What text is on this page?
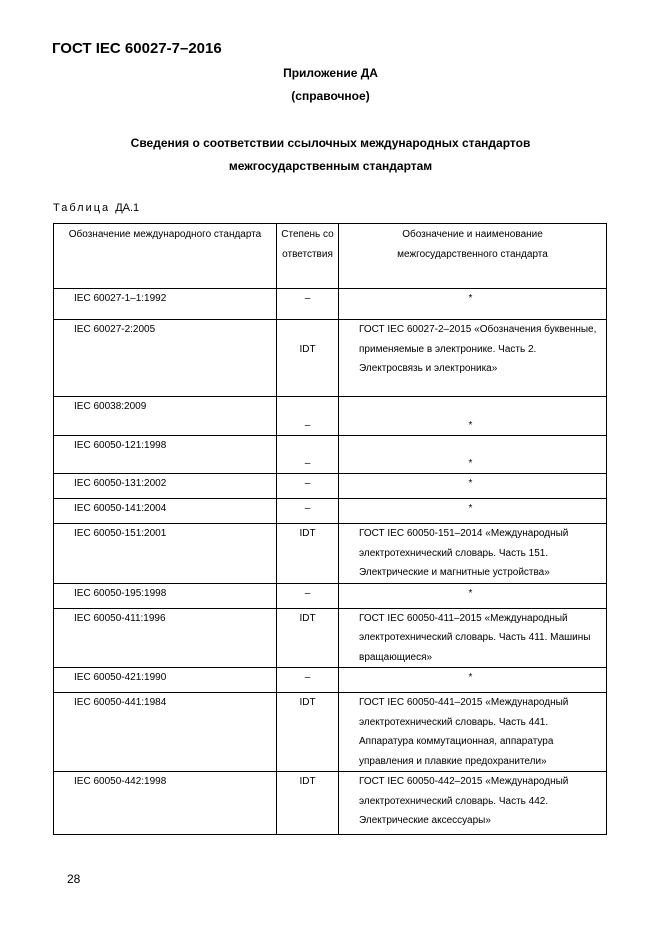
ГОСТ IEC 60027-7–2016
Приложение ДА
(справочное)
Сведения о соответствии ссылочных международных стандартов
межгосударственным стандартам
Таблица ДА.1
Обозначение международного стандарта	Степень соответствия	Обозначение и наименование межгосударственного стандарта
IEC 60027-1–1:1992	–	*
IEC 60027-2:2005	IDT	ГОСТ IEC 60027-2–2015 «Обозначения буквенные, применяемые в электронике. Часть 2. Электросвязь и электроника»
IEC 60038:2009	–	*
IEC 60050-121:1998	–	*
IEC 60050-131:2002	–	*
IEC 60050-141:2004	–	*
IEC 60050-151:2001	IDT	ГОСТ IEC 60050-151–2014 «Международный электротехнический словарь. Часть 151. Электрические и магнитные устройства»
IEC 60050-195:1998	–	*
IEC 60050-411:1996	IDT	ГОСТ IEC 60050-411–2015 «Международный электротехнический словарь. Часть 411. Машины вращающиеся»
IEC 60050-421:1990	–	*
IEC 60050-441:1984	IDT	ГОСТ IEC 60050-441–2015 «Международный электротехнический словарь. Часть 441. Аппаратура коммутационная, аппаратура управления и плавкие предохранители»
IEC 60050-442:1998	IDT	ГОСТ IEC 60050-442–2015 «Международный электротехнический словарь. Часть 442. Электрические аксессуары»
28
